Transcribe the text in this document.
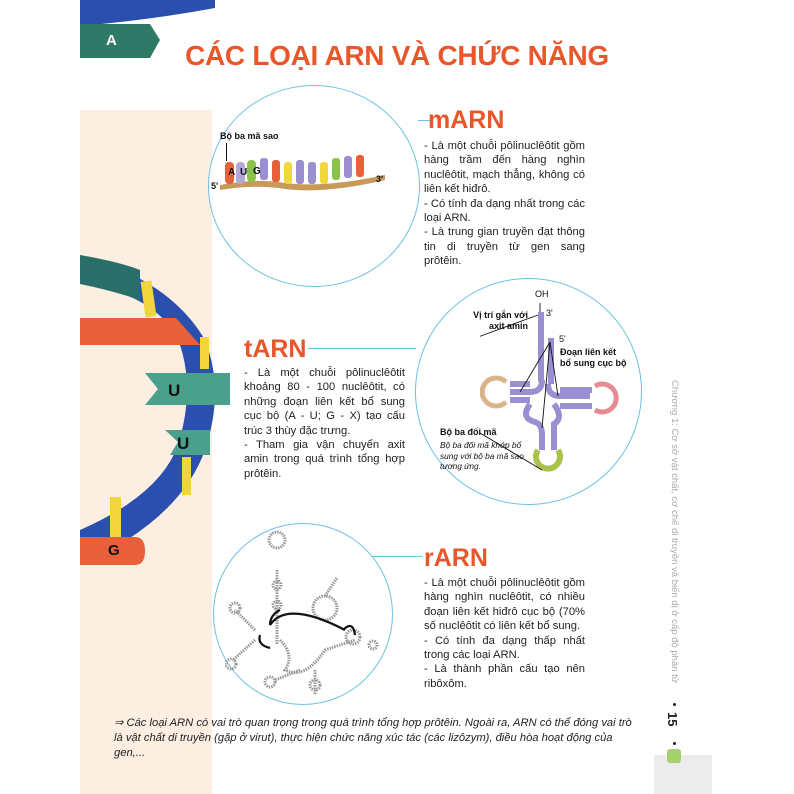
A
U
U
G
CÁC LOẠI ARN VÀ CHỨC NĂNG
Bộ ba mã sao
A U G
5'
3'
mARN

- Là một chuỗi pôlinuclêôtit gồm hàng trăm đến hàng nghìn nuclêôtit, mạch thẳng, không có liên kết hiđrô.

- Có tính đa dạng nhất trong các loại ARN.

- Là trung gian truyền đạt thông tin di truyền từ gen sang prôtêin.

tARN

- Là một chuỗi pôlinuclêôtit khoảng 80 - 100 nuclêôtit, có những đoạn liên kết bổ sung cục bộ (A - U; G - X) tạo cấu trúc 3 thùy đặc trưng.

- Tham gia vận chuyển axit amin trong quá trình tổng hợp prôtêin.

OH
3'
5'
Vị trí gắn với
axit amin
Đoạn liên kết
bổ sung cục bộ
Bộ ba đối mã
Bộ ba đối mã khớp bổ sung với bộ ba mã sao tương ứng.
rARN

- Là một chuỗi pôlinuclêôtit gồm hàng nghìn nuclêôtit, có nhiều đoạn liên kết hiđrô cục bộ (70% số nuclêôtit có liên kết bổ sung.

- Có tính đa dạng thấp nhất trong các loại ARN.

- Là thành phần cấu tạo nên ribôxôm.

⇒ Các loại ARN có vai trò quan trọng trong quá trình tổng hợp prôtêin. Ngoài ra, ARN có thể đóng vai trò là vật chất di truyền (gặp ở virut), thực hiện chức năng xúc tác (các lizôzym), điều hòa hoạt động của gen,...
Chương 1: Cơ sở vật chất, cơ chế di truyền và biến dị ở cấp độ phân tử
15
